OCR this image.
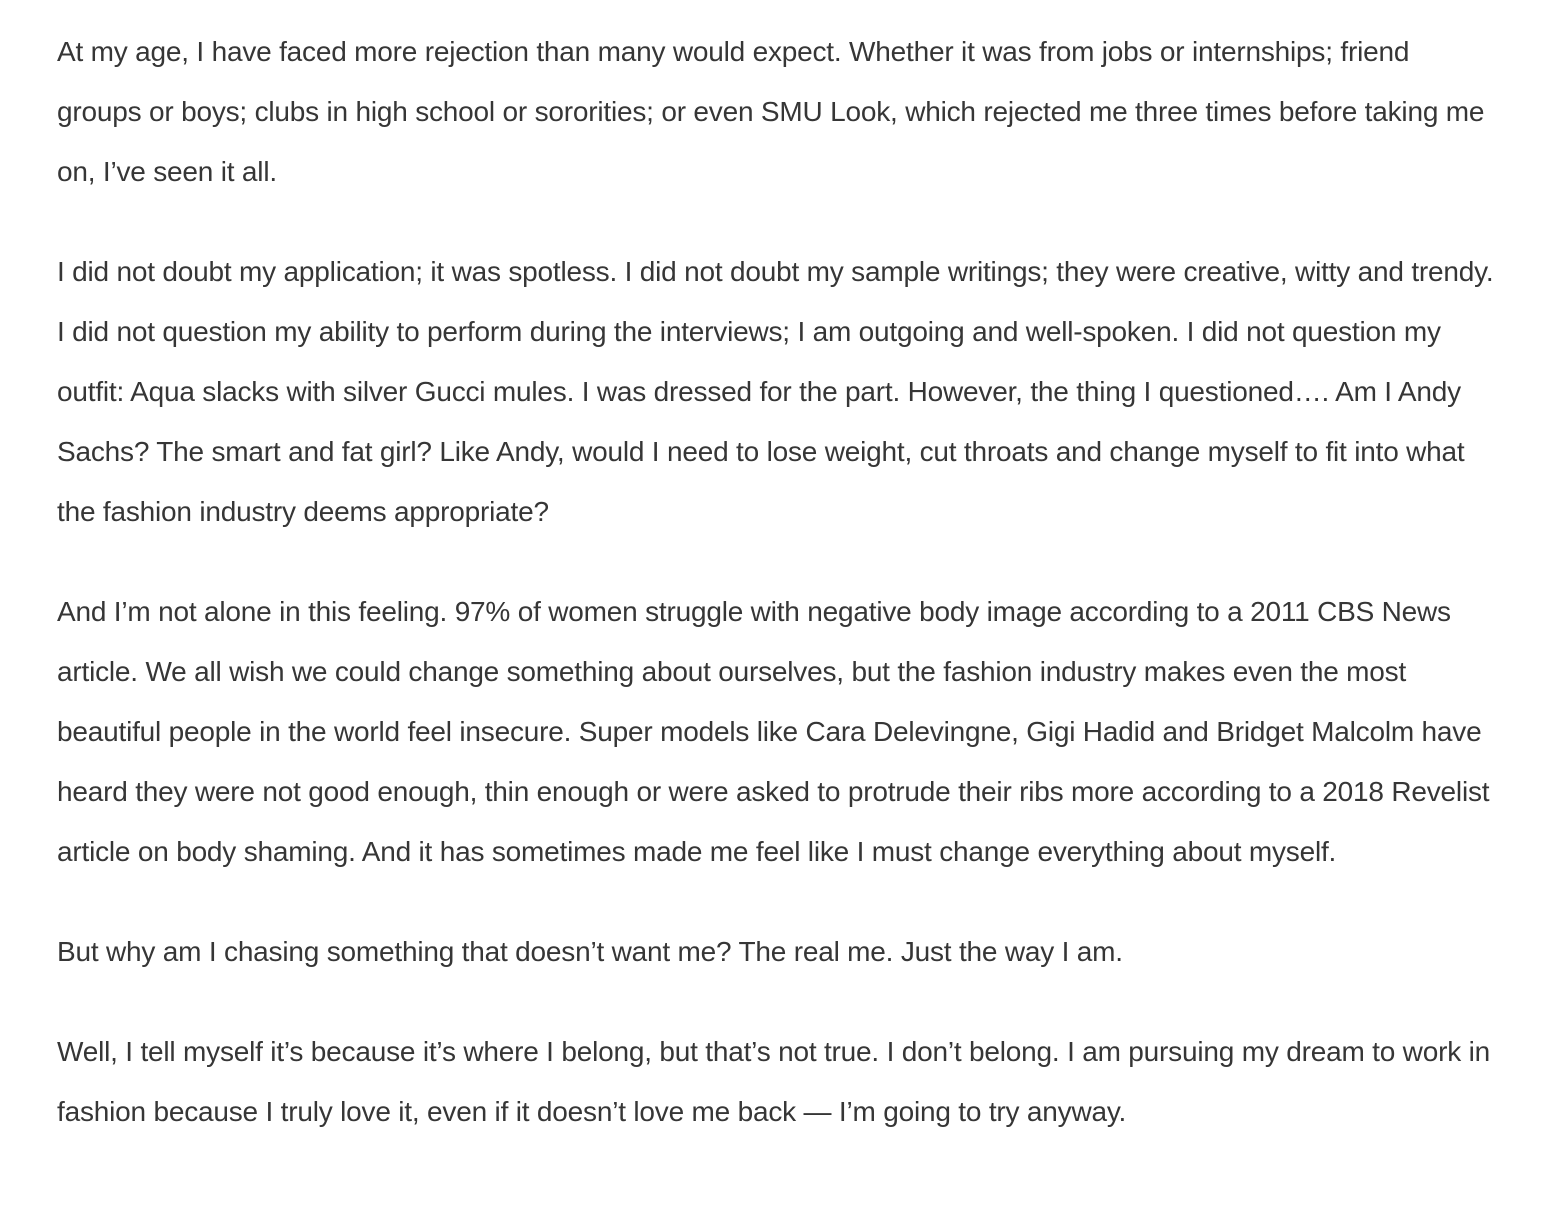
At my age, I have faced more rejection than many would expect. Whether it was from jobs or internships; friend groups or boys; clubs in high school or sororities; or even SMU Look, which rejected me three times before taking me on, I’ve seen it all.

I did not doubt my application; it was spotless. I did not doubt my sample writings; they were creative, witty and trendy. I did not question my ability to perform during the interviews; I am outgoing and well-spoken. I did not question my outfit: Aqua slacks with silver Gucci mules. I was dressed for the part. However, the thing I questioned…. Am I Andy Sachs? The smart and fat girl? Like Andy, would I need to lose weight, cut throats and change myself to fit into what the fashion industry deems appropriate?

And I’m not alone in this feeling. 97% of women struggle with negative body image according to a 2011 CBS News article. We all wish we could change something about ourselves, but the fashion industry makes even the most beautiful people in the world feel insecure. Super models like Cara Delevingne, Gigi Hadid and Bridget Malcolm have heard they were not good enough, thin enough or were asked to protrude their ribs more according to a 2018 Revelist article on body shaming. And it has sometimes made me feel like I must change everything about myself.

But why am I chasing something that doesn’t want me? The real me. Just the way I am.

Well, I tell myself it’s because it’s where I belong, but that’s not true. I don’t belong. I am pursuing my dream to work in fashion because I truly love it, even if it doesn’t love me back — I’m going to try anyway.
